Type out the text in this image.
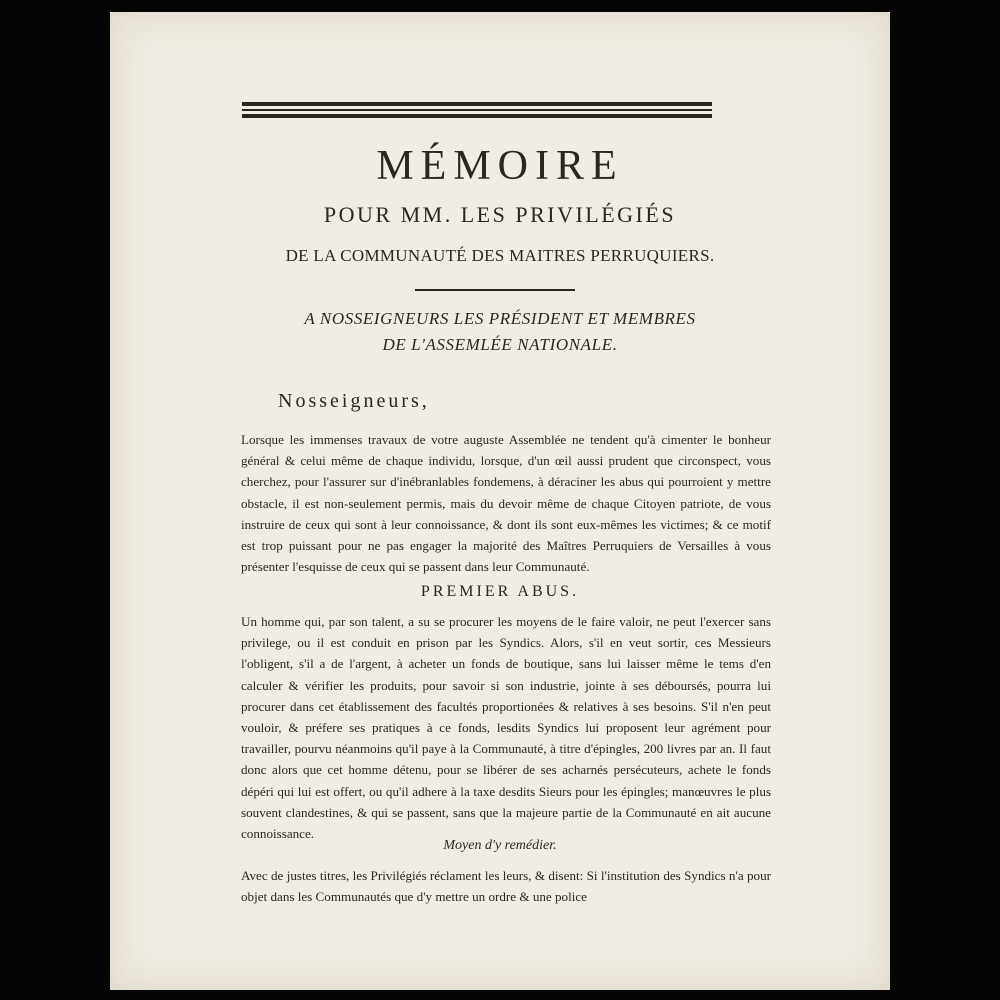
MÉMOIRE
POUR MM. LES PRIVILÉGIÉS
DE LA COMMUNAUTÉ DES MAITRES PERRUQUIERS.
A NOSSEIGNEURS LES PRÉSIDENT ET MEMBRES
DE L'ASSEMLÉE NATIONALE.
Nosseigneurs,
Lorsque les immenses travaux de votre auguste Assemblée ne tendent qu'à cimenter le bonheur général & celui même de chaque individu, lorsque, d'un œil aussi prudent que circonspect, vous cherchez, pour l'assurer sur d'inébranlables fondemens, à déraciner les abus qui pourroient y mettre obstacle, il est non-seulement permis, mais du devoir même de chaque Citoyen patriote, de vous instruire de ceux qui sont à leur connoissance, & dont ils sont eux-mêmes les victimes; & ce motif est trop puissant pour ne pas engager la majorité des Maîtres Perruquiers de Versailles à vous présenter l'esquisse de ceux qui se passent dans leur Communauté.
PREMIER ABUS.
Un homme qui, par son talent, a su se procurer les moyens de le faire valoir, ne peut l'exercer sans privilege, ou il est conduit en prison par les Syndics. Alors, s'il en veut sortir, ces Messieurs l'obligent, s'il a de l'argent, à acheter un fonds de boutique, sans lui laisser même le tems d'en calculer & vérifier les produits, pour savoir si son industrie, jointe à ses déboursés, pourra lui procurer dans cet établissement des facultés proportionées & relatives à ses besoins. S'il n'en peut vouloir, & préfere ses pratiques à ce fonds, lesdits Syndics lui proposent leur agrément pour travailler, pourvu néanmoins qu'il paye à la Communauté, à titre d'épingles, 200 livres par an. Il faut donc alors que cet homme détenu, pour se libérer de ses acharnés persécuteurs, achete le fonds dépéri qui lui est offert, ou qu'il adhere à la taxe desdits Sieurs pour les épingles; manœuvres le plus souvent clandestines, & qui se passent, sans que la majeure partie de la Communauté en ait aucune connoissance.
Moyen d'y remédier.
Avec de justes titres, les Privilégiés réclament les leurs, & disent: Si l'institution des Syndics n'a pour objet dans les Communautés que d'y mettre un ordre & une police
